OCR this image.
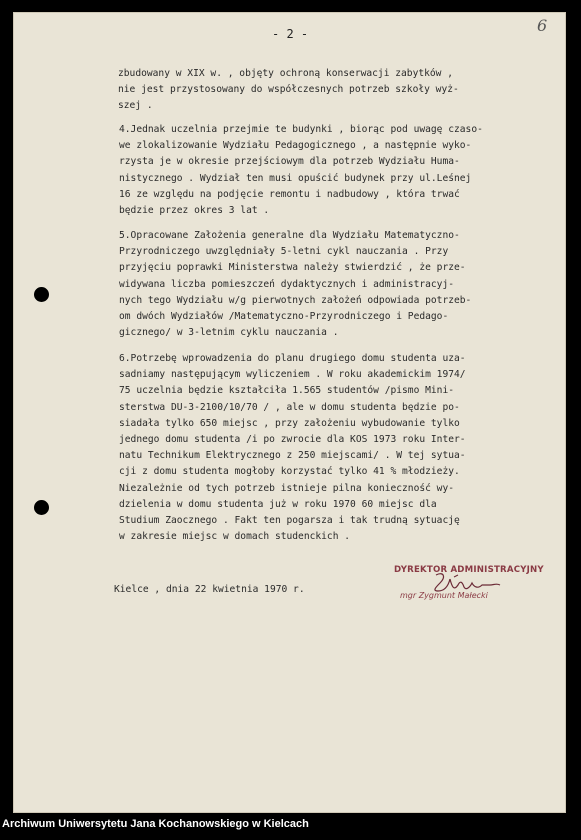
- 2 -	6
zbudowany w XIX w. , objęty ochroną konserwacji zabytków ,
nie jest przystosowany do współczesnych potrzeb szkoły wyż-
szej .
4.Jednak uczelnia przejmie te budynki , biorąc pod uwagę czaso-
we zlokalizowanie Wydziału Pedagogicznego , a następnie wyko-
rzysta je w okresie przejściowym dla potrzeb Wydziału Huma-
nistycznego . Wydział ten musi opuścić budynek przy ul.Leśnej
16 ze względu na podjęcie remontu i nadbudowy , która trwać
będzie przez okres 3 lat .
5.Opracowane Założenia generalne dla Wydziału Matematyczno-
Przyrodniczego uwzględniały 5-letni cykl nauczania . Przy
przyjęciu poprawki Ministerstwa należy stwierdzić , że prze-
widywana liczba pomieszczeń dydaktycznych i administracyj-
nych tego Wydziału w/g pierwotnych założeń odpowiada potrzeb-
om dwóch Wydziałów /Matematyczno-Przyrodniczego i Pedago-
gicznego/ w 3-letnim cyklu nauczania .
6.Potrzebę wprowadzenia do planu drugiego domu studenta uza-
sadniamy następującym wyliczeniem . W roku akademickim 1974/
75 uczelnia będzie kształciła 1.565 studentów /pismo Mini-
sterstwa DU-3-2100/10/70 / , ale w domu studenta będzie po-
siadała tylko 650 miejsc , przy założeniu wybudowanie tylko
jednego domu studenta /i po zwrocie dla KOS 1973 roku Inter-
natu Technikum Elektrycznego z 250 miejscami/ . W tej sytua-
cji z domu studenta mogłoby korzystać tylko 41 % młodzieży.
Niezależnie od tych potrzeb istnieje pilna konieczność wy-
dzielenia w domu studenta już w roku 1970 60 miejsc dla
Studium Zaocznego . Fakt ten pogarsza i tak trudną sytuację
w zakresie miejsc w domach studenckich .
Kielce , dnia 22 kwietnia 1970 r.
DYREKTOR ADMINISTRACYJNY
mgr Zygmunt Małecki
Archiwum Uniwersytetu Jana Kochanowskiego w Kielcach
